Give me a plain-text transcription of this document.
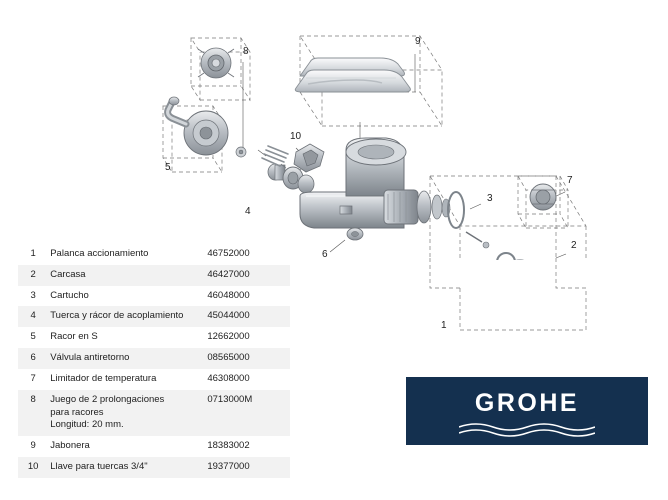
8
9
10
5
4
6
3
7
2
1
1	Palanca accionamiento	46752000
2	Carcasa	46427000
3	Cartucho	46048000
4	Tuerca y rácor de acoplamiento	45044000
5	Racor en S	12662000
6	Válvula antiretorno	08565000
7	Limitador de temperatura	46308000
8	Juego de 2 prolongaciones
para racores
Longitud: 20 mm.	0713000M
9	Jabonera	18383002
10	Llave para tuercas 3/4"	19377000
GROHE
